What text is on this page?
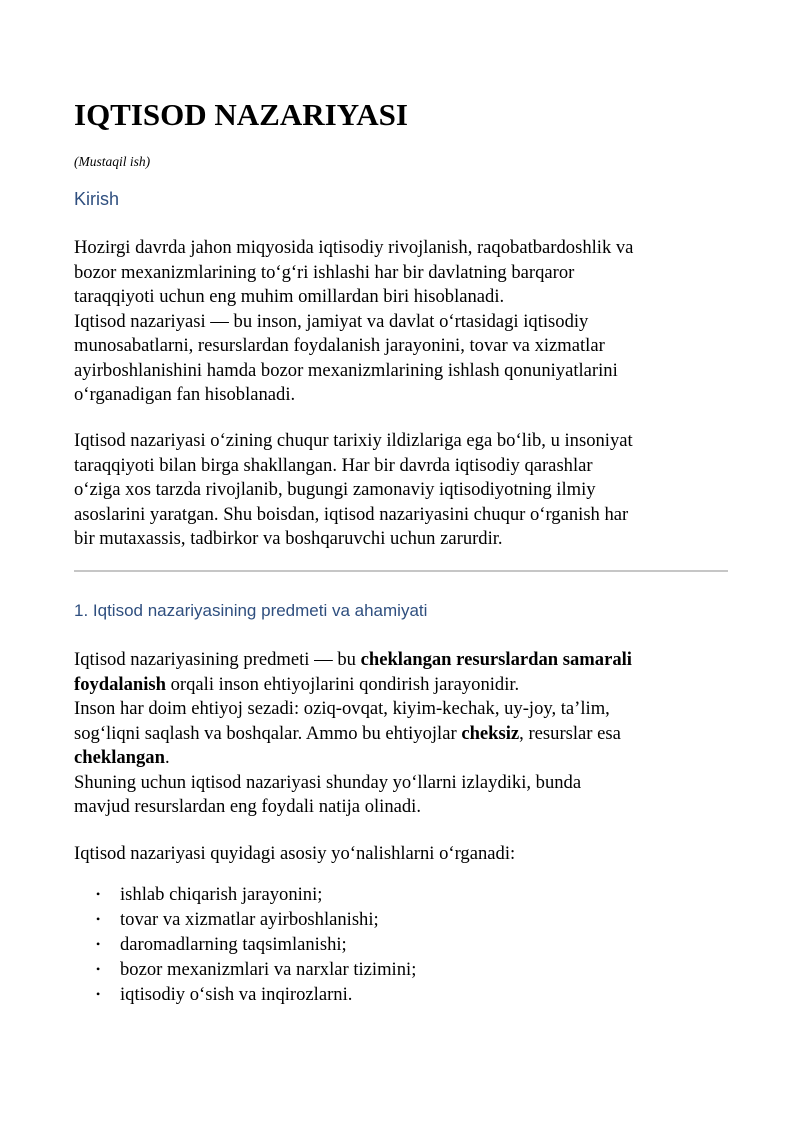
IQTISOD NAZARIYASI
(Mustaqil ish)
Kirish

Hozirgi davrda jahon miqyosida iqtisodiy rivojlanish, raqobatbardoshlik va
bozor mexanizmlarining to‘g‘ri ishlashi har bir davlatning barqaror
taraqqiyoti uchun eng muhim omillardan biri hisoblanadi.
Iqtisod nazariyasi — bu inson, jamiyat va davlat o‘rtasidagi iqtisodiy
munosabatlarni, resurslardan foydalanish jarayonini, tovar va xizmatlar
ayirboshlanishini hamda bozor mexanizmlarining ishlash qonuniyatlarini
o‘rganadigan fan hisoblanadi.

Iqtisod nazariyasi o‘zining chuqur tarixiy ildizlariga ega bo‘lib, u insoniyat
taraqqiyoti bilan birga shakllangan. Har bir davrda iqtisodiy qarashlar
o‘ziga xos tarzda rivojlanib, bugungi zamonaviy iqtisodiyotning ilmiy
asoslarini yaratgan. Shu boisdan, iqtisod nazariyasini chuqur o‘rganish har
bir mutaxassis, tadbirkor va boshqaruvchi uchun zarurdir.

1. Iqtisod nazariyasining predmeti va ahamiyati

Iqtisod nazariyasining predmeti — bu cheklangan resurslardan samarali
foydalanish orqali inson ehtiyojlarini qondirish jarayonidir.
Inson har doim ehtiyoj sezadi: oziq-ovqat, kiyim-kechak, uy-joy, ta’lim,
sog‘liqni saqlash va boshqalar. Ammo bu ehtiyojlar cheksiz, resurslar esa
cheklangan.
Shuning uchun iqtisod nazariyasi shunday yo‘llarni izlaydiki, bunda
mavjud resurslardan eng foydali natija olinadi.

Iqtisod nazariyasi quyidagi asosiy yo‘nalishlarni o‘rganadi:

• ishlab chiqarish jarayonini;
• tovar va xizmatlar ayirboshlanishi;
• daromadlarning taqsimlanishi;
• bozor mexanizmlari va narxlar tizimini;
• iqtisodiy o‘sish va inqirozlarni.
